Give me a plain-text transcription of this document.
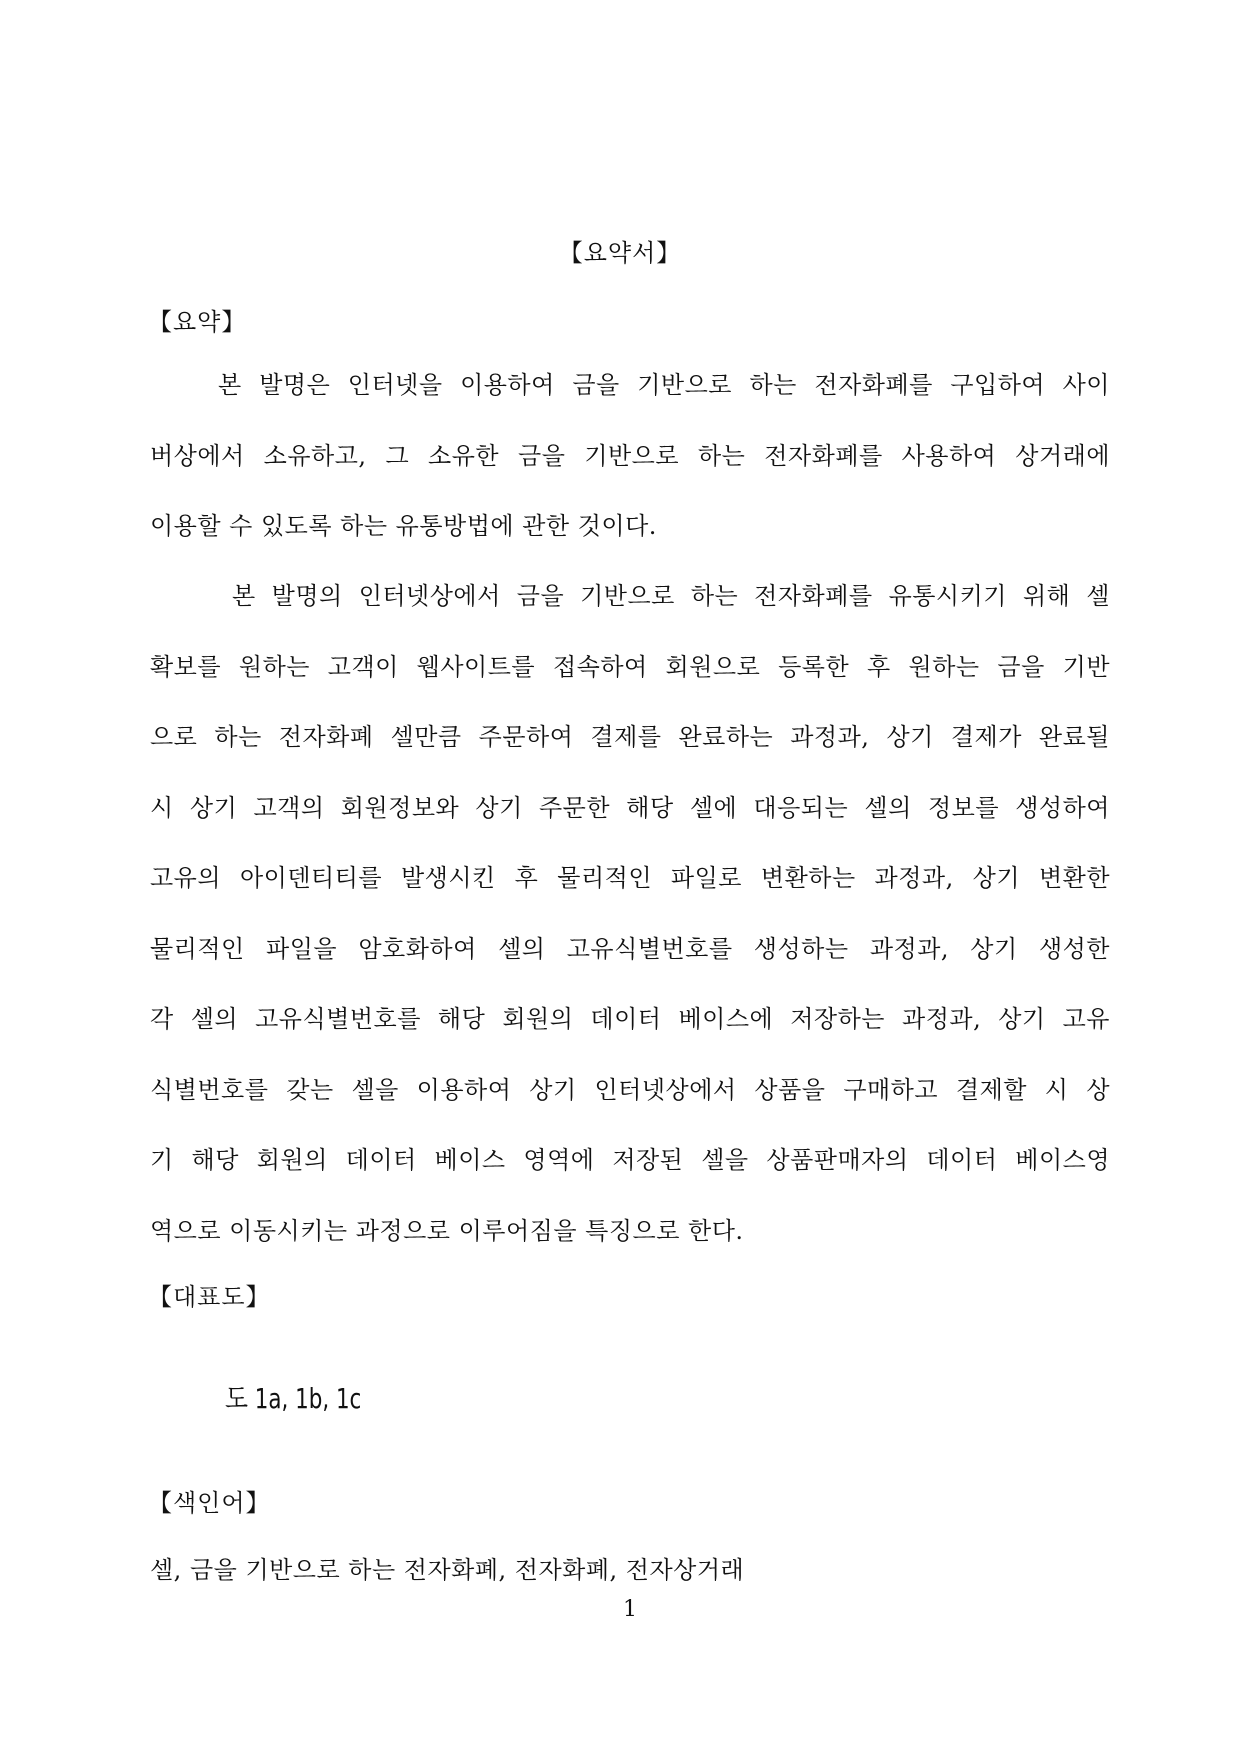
【요약서】
【요약】
본 발명은 인터넷을 이용하여 금을 기반으로 하는 전자화폐를 구입하여 사이
버상에서 소유하고, 그 소유한 금을 기반으로 하는 전자화폐를 사용하여 상거래에
이용할 수 있도록 하는 유통방법에 관한 것이다.
본 발명의 인터넷상에서 금을 기반으로 하는 전자화폐를 유통시키기 위해 셀
확보를 원하는 고객이 웹사이트를 접속하여 회원으로 등록한 후 원하는 금을 기반
으로 하는 전자화폐 셀만큼 주문하여 결제를 완료하는 과정과, 상기 결제가 완료될
시 상기 고객의 회원정보와 상기 주문한 해당 셀에 대응되는 셀의 정보를 생성하여
고유의 아이덴티티를 발생시킨 후 물리적인 파일로 변환하는 과정과, 상기 변환한
물리적인 파일을 암호화하여 셀의 고유식별번호를 생성하는 과정과, 상기 생성한
각 셀의 고유식별번호를 해당 회원의 데이터 베이스에 저장하는 과정과, 상기 고유
식별번호를 갖는 셀을 이용하여 상기 인터넷상에서 상품을 구매하고 결제할 시 상
기 해당 회원의 데이터 베이스 영역에 저장된 셀을 상품판매자의 데이터 베이스영
역으로 이동시키는 과정으로 이루어짐을 특징으로 한다.
【대표도】
도 1a, 1b, 1c
【색인어】
셀, 금을 기반으로 하는 전자화폐, 전자화폐, 전자상거래
1
